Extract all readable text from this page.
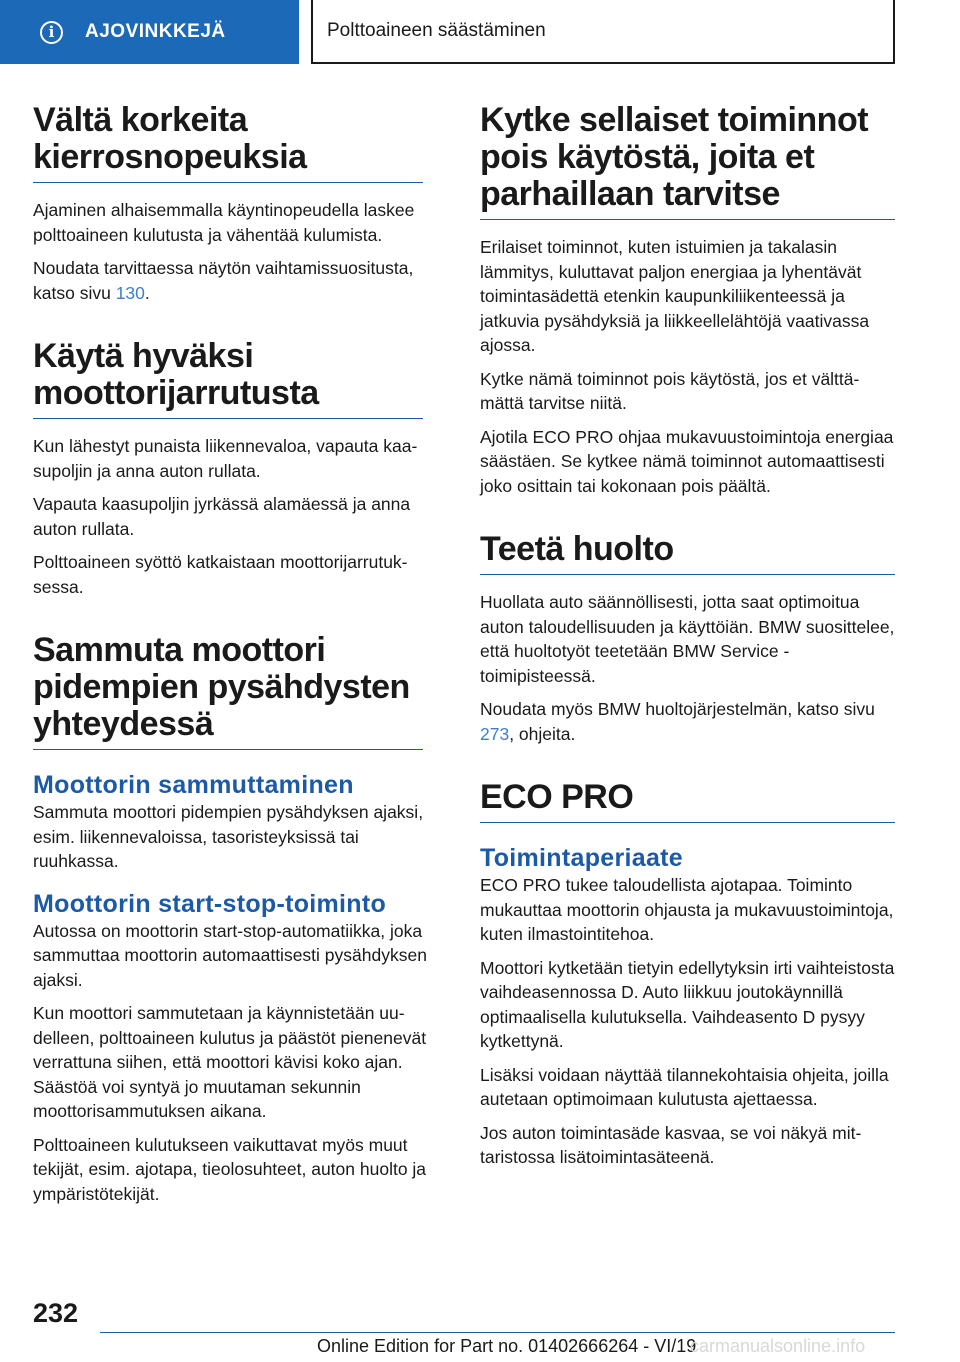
i	AJOVINKKEJÄ	Polttoaineen säästäminen
Vältä korkeita kierrosnopeuksia

Ajaminen alhaisemmalla käyntinopeudella laskee polttoaineen kulutusta ja vähentää kulumista.

Noudata tarvittaessa näytön vaihtamissuositusta, katso sivu 130.

Käytä hyväksi moottorijarrutusta

Kun lähestyt punaista liikennevaloa, vapauta kaasupoljin ja anna auton rullata.

Vapauta kaasupoljin jyrkässä alamäessä ja anna auton rullata.

Polttoaineen syöttö katkaistaan moottorijarrutuksessa.

Sammuta moottori pidempien pysähdysten yhteydessä
Moottorin sammuttaminen

Sammuta moottori pidempien pysähdyksen ajaksi, esim. liikennevaloissa, tasoristeyksissä tai ruuhkassa.

Moottorin start-stop-toiminto

Autossa on moottorin start-stop-automatiikka, joka sammuttaa moottorin automaattisesti pysähdyksen ajaksi.

Kun moottori sammutetaan ja käynnistetään uudelleen, polttoaineen kulutus ja päästöt pienenevät verrattuna siihen, että moottori kävisi koko ajan. Säästöä voi syntyä jo muutaman sekunnin moottorisammutuksen aikana.

Polttoaineen kulutukseen vaikuttavat myös muut tekijät, esim. ajotapa, tieolosuhteet, auton huolto ja ympäristötekijät.

Kytke sellaiset toiminnot pois käytöstä, joita et parhaillaan tarvitse

Erilaiset toiminnot, kuten istuimien ja takalasin lämmitys, kuluttavat paljon energiaa ja lyhentävät toimintasädettä etenkin kaupunkiliikenteessä ja jatkuvia pysähdyksiä ja liikkeellelähtöjä vaativassa ajossa.

Kytke nämä toiminnot pois käytöstä, jos et välttämättä tarvitse niitä.

Ajotila ECO PRO ohjaa mukavuustoimintoja energiaa säästäen. Se kytkee nämä toiminnot automaattisesti joko osittain tai kokonaan pois päältä.

Teetä huolto

Huollata auto säännöllisesti, jotta saat optimoitua auton taloudellisuuden ja käyttöiän. BMW suosittelee, että huoltotyöt teetetään BMW Service -toimipisteessä.

Noudata myös BMW huoltojärjestelmän, katso sivu 273, ohjeita.

ECO PRO
Toimintaperiaate

ECO PRO tukee taloudellista ajotapaa. Toiminto mukauttaa moottorin ohjausta ja mukavuustoimintoja, kuten ilmastointitehoa.

Moottori kytketään tietyin edellytyksin irti vaihteistosta vaihdeasennossa D. Auto liikkuu joutokäynnillä optimaalisella kulutuksella. Vaihdeasento D pysyy kytkettynä.

Lisäksi voidaan näyttää tilannekohtaisia ohjeita, joilla autetaan optimoimaan kulutusta ajettaessa.

Jos auton toimintasäde kasvaa, se voi näkyä mittaristossa lisätoimintasäteenä.

232
Online Edition for Part no. 01402666264 - VI/19
carmanualsonline.info
